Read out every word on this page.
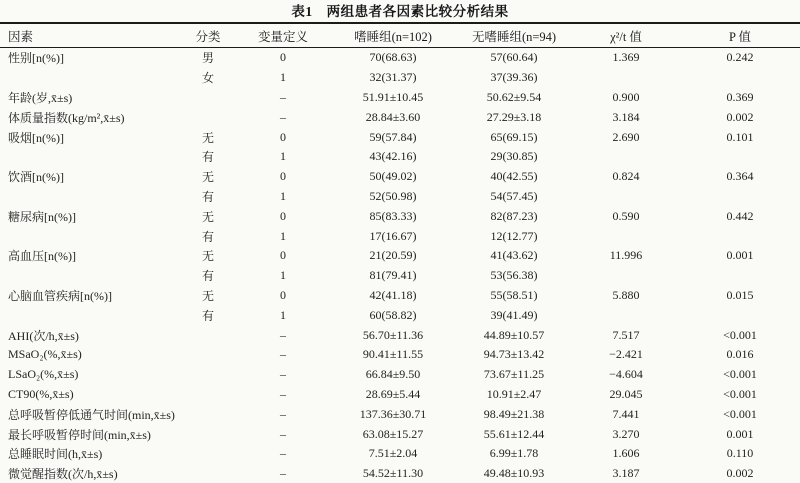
表1　两组患者各因素比较分析结果
因素	分类	变量定义	嗜睡组(n=102)	无嗜睡组(n=94)	χ²/t 值	P 值
性别[n(%)]	男	0	70(68.63)	57(60.64)	1.369	0.242
	女	1	32(31.37)	37(39.36)		
年龄(岁,x̄±s)		–	51.91±10.45	50.62±9.54	0.900	0.369
体质量指数(kg/m²,x̄±s)		–	28.84±3.60	27.29±3.18	3.184	0.002
吸烟[n(%)]	无	0	59(57.84)	65(69.15)	2.690	0.101
	有	1	43(42.16)	29(30.85)		
饮酒[n(%)]	无	0	50(49.02)	40(42.55)	0.824	0.364
	有	1	52(50.98)	54(57.45)		
糖尿病[n(%)]	无	0	85(83.33)	82(87.23)	0.590	0.442
	有	1	17(16.67)	12(12.77)		
高血压[n(%)]	无	0	21(20.59)	41(43.62)	11.996	0.001
	有	1	81(79.41)	53(56.38)		
心脑血管疾病[n(%)]	无	0	42(41.18)	55(58.51)	5.880	0.015
	有	1	60(58.82)	39(41.49)		
AHI(次/h,x̄±s)		–	56.70±11.36	44.89±10.57	7.517	<0.001
MSaO₂(%,x̄±s)		–	90.41±11.55	94.73±13.42	−2.421	0.016
LSaO₂(%,x̄±s)		–	66.84±9.50	73.67±11.25	−4.604	<0.001
CT90(%,x̄±s)		–	28.69±5.44	10.91±2.47	29.045	<0.001
总呼吸暂停低通气时间(min,x̄±s)		–	137.36±30.71	98.49±21.38	7.441	<0.001
最长呼吸暂停时间(min,x̄±s)		–	63.08±15.27	55.61±12.44	3.270	0.001
总睡眠时间(h,x̄±s)		–	7.51±2.04	6.99±1.78	1.606	0.110
微觉醒指数(次/h,x̄±s)		–	54.52±11.30	49.48±10.93	3.187	0.002
